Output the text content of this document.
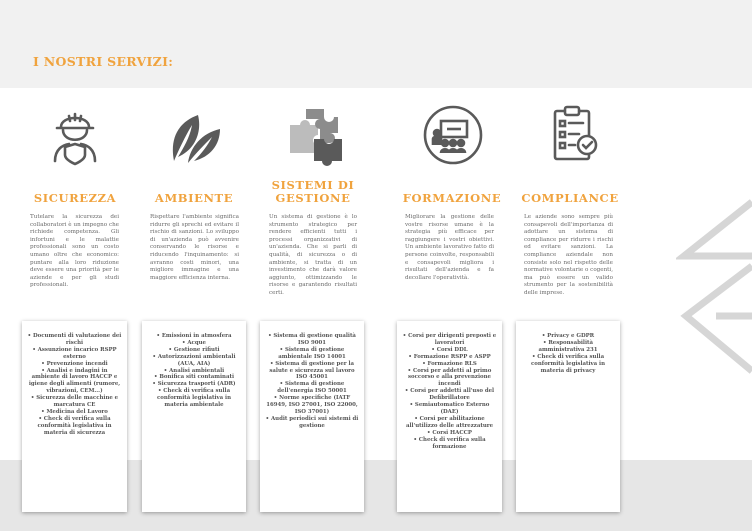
I NOSTRI SERVIZI:
SICUREZZA	AMBIENTE
SISTEMI DI GESTIONE	FORMAZIONE COMPLIANCE
Tutelare la sicurezza dei collaboratori è un impegno che richiede competenza. Gli infortuni e le malattie professionali sono un costo umano oltre che economico: puntare alla loro riduzione deve essere una priorità per le aziende e per gli studi professionali.
Rispettare l'ambiente significa ridurre gli sprechi ed evitare il rischio di sanzioni. Lo sviluppo di un'azienda può avvenire conservando le risorse e riducendo l'inquinamento: si avranno costi minori, una migliore immagine e una maggiore efficienza interna.
Un sistema di gestione è lo strumento strategico per rendere efficienti tutti i processi organizzativi di un'azienda. Che si parli di qualità, di sicurezza o di ambiente, si tratta di un investimento che darà valore aggiunto, ottimizzando le risorse e garantendo risultati certi.
Migliorare la gestione delle vostre risorse umane è la strategia più efficace per raggiungere i vostri obiettivi. Un ambiente lavorativo fatto di persone coinvolte, responsabili e consapevoli migliora i risultati dell'azienda e fa decollare l'operatività.
Le aziende sono sempre più consapevoli dell'importanza di adottare un sistema di compliance per ridurre i rischi ed evitare sanzioni. La compliance aziendale non consiste solo nel rispetto delle normative volontarie o cogenti, ma può essere un valido strumento per la sostenibilità delle imprese.
• Documenti di valutazione dei rischi
• Assunzione incarico RSPP esterno
• Prevenzione incendi
• Analisi e indagini in ambiente di lavoro HACCP e igiene degli alimenti (rumore, vibrazioni, CEM...)
• Sicurezza delle macchine e marcatura CE
• Medicina del Lavoro
• Check di verifica sulla conformità legislativa in materia di sicurezza
• Emissioni in atmosfera
• Acque
• Gestione rifiuti
• Autorizzazioni ambientali (AUA, AIA)
• Analisi ambientali
• Bonifica siti contaminati
• Sicurezza trasporti (ADR)
• Check di verifica sulla conformità legislativa in materia ambientale
• Sistema di gestione qualità ISO 9001
• Sistema di gestione ambientale ISO 14001
• Sistema di gestione per la salute e sicurezza sul lavoro ISO 45001
• Sistema di gestione dell'energia ISO 50001
• Norme specifiche (IATF 16949, ISO 27001, ISO 22000, ISO 37001)
• Audit periodici sui sistemi di gestione
• Corsi per dirigenti preposti e lavoratori
• Corsi DDL
• Formazione RSPP e ASPP
• Formazione RLS
• Corsi per addetti al primo soccorso e alla prevenzione incendi
• Corsi per addetti all'uso del Defibrillatore
• Semiautomatico Esterno (DAE)
• Corsi per abilitazione all'utilizzo delle attrezzature
• Corsi HACCP
• Check di verifica sulla formazione
• Privacy e GDPR
• Responsabilità amministrativa 231
• Check di verifica sulla conformità legislativa in materia di privacy
